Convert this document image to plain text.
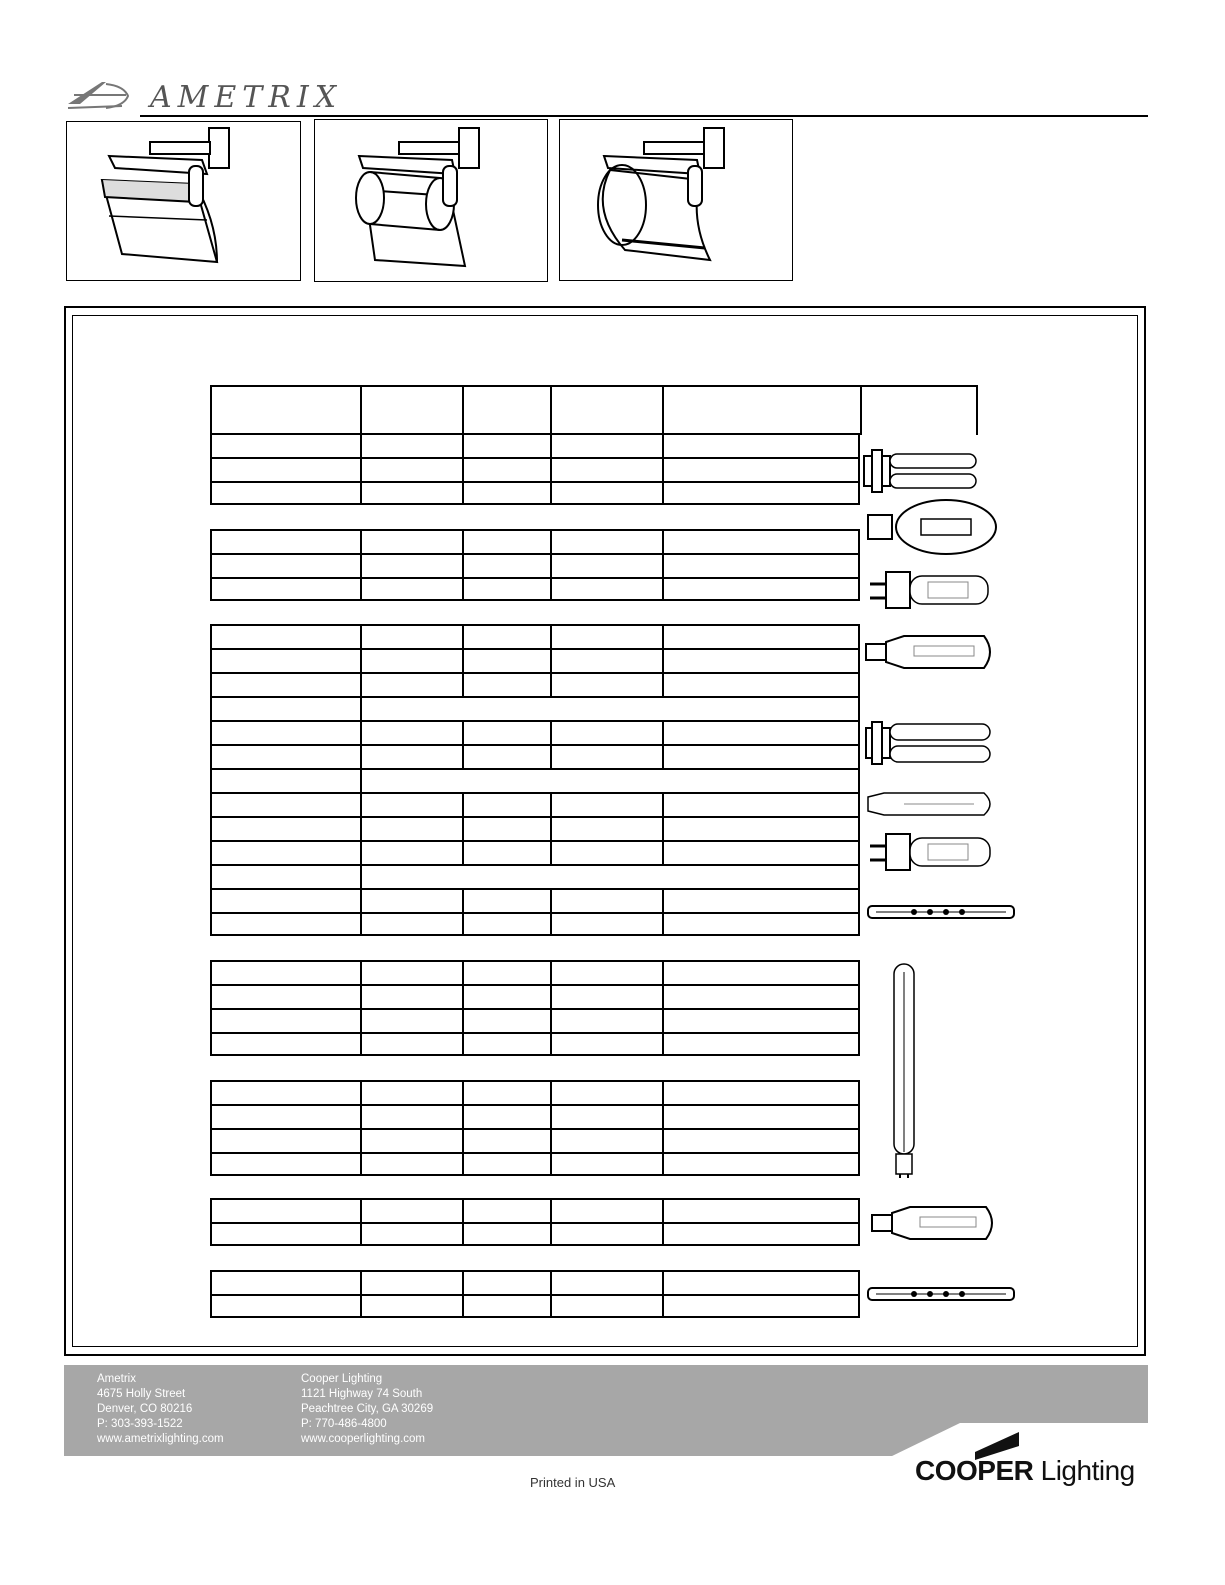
AMETRIX
Ametrix
4675 Holly Street
Denver, CO 80216
P: 303-393-1522
www.ametrixlighting.com
Cooper Lighting
1121 Highway 74 South
Peachtree City, GA 30269
P: 770-486-4800
www.cooperlighting.com
Printed in USA	COOPER Lighting
